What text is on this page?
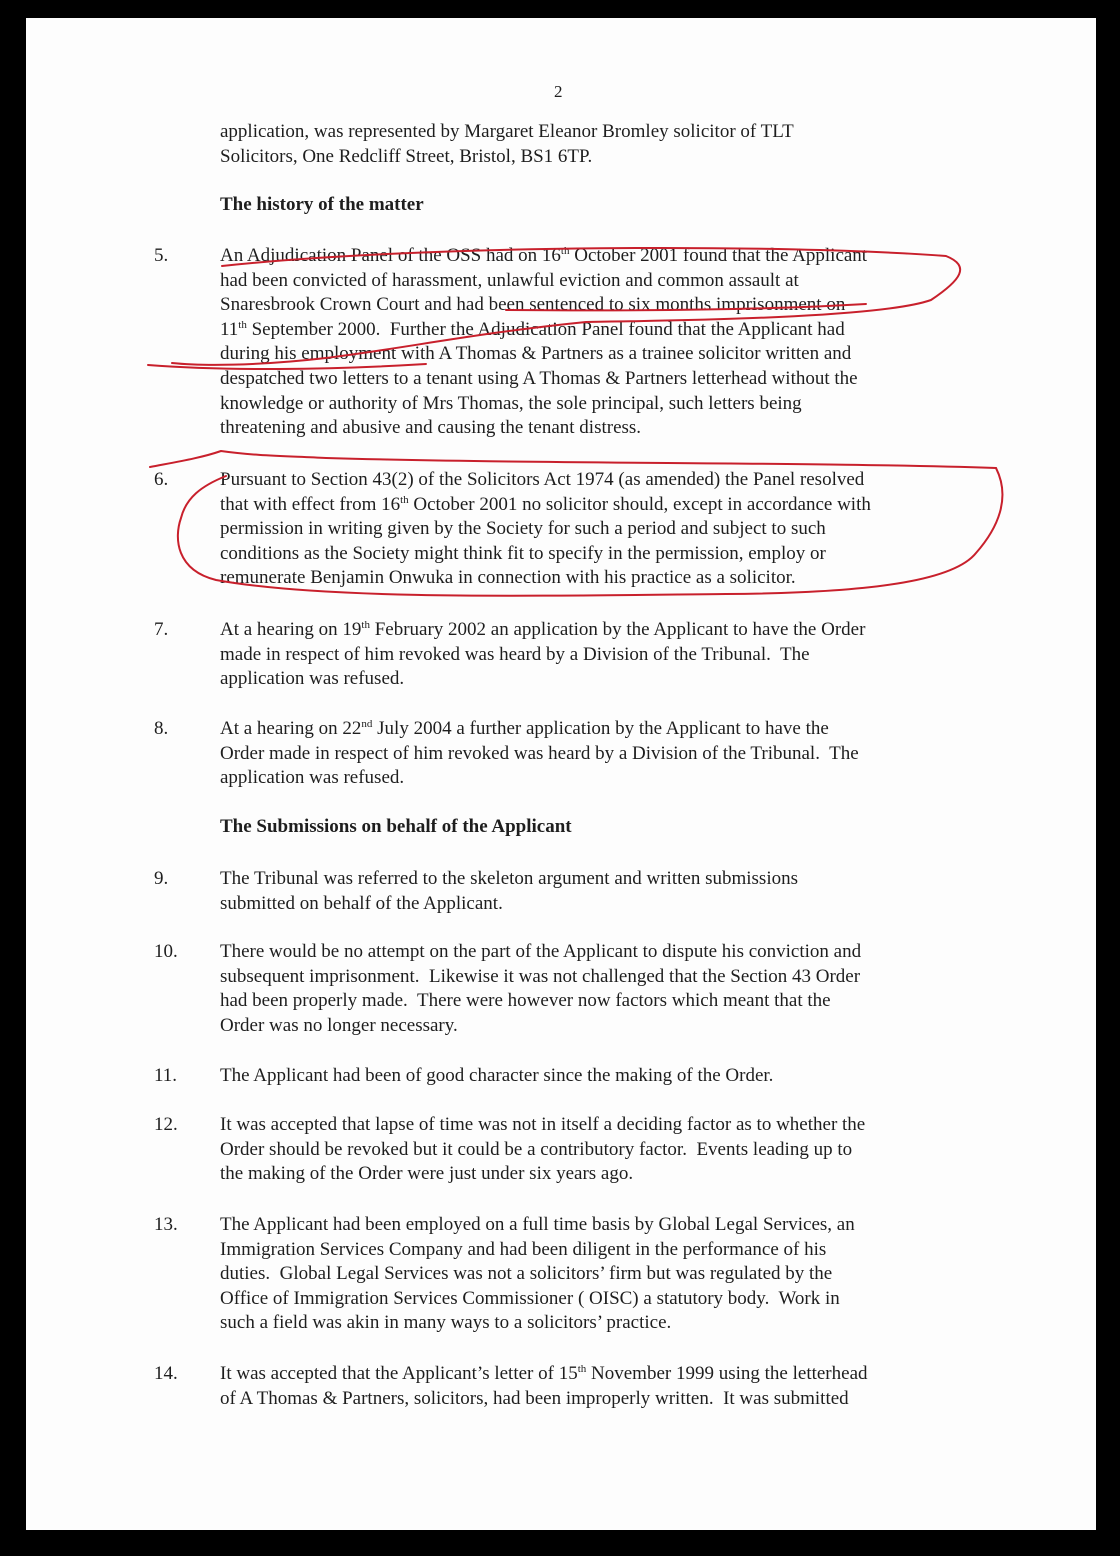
2
application, was represented by Margaret Eleanor Bromley solicitor of TLT
Solicitors, One Redcliff Street, Bristol, BS1 6TP.
The history of the matter
5.	An Adjudication Panel of the OSS had on 16th October 2001 found that the Applicant
had been convicted of harassment, unlawful eviction and common assault at
Snaresbrook Crown Court and had been sentenced to six months imprisonment on
11th September 2000.  Further the Adjudication Panel found that the Applicant had
during his employment with A Thomas & Partners as a trainee solicitor written and
despatched two letters to a tenant using A Thomas & Partners letterhead without the
knowledge or authority of Mrs Thomas, the sole principal, such letters being
threatening and abusive and causing the tenant distress.
6.	Pursuant to Section 43(2) of the Solicitors Act 1974 (as amended) the Panel resolved
that with effect from 16th October 2001 no solicitor should, except in accordance with
permission in writing given by the Society for such a period and subject to such
conditions as the Society might think fit to specify in the permission, employ or
remunerate Benjamin Onwuka in connection with his practice as a solicitor.
7.	At a hearing on 19th February 2002 an application by the Applicant to have the Order
made in respect of him revoked was heard by a Division of the Tribunal.  The
application was refused.
8.	At a hearing on 22nd July 2004 a further application by the Applicant to have the
Order made in respect of him revoked was heard by a Division of the Tribunal.  The
application was refused.
The Submissions on behalf of the Applicant
9.	The Tribunal was referred to the skeleton argument and written submissions
submitted on behalf of the Applicant.
10. There would be no attempt on the part of the Applicant to dispute his conviction and
subsequent imprisonment.  Likewise it was not challenged that the Section 43 Order
had been properly made.  There were however now factors which meant that the
Order was no longer necessary.
11. The Applicant had been of good character since the making of the Order.
12. It was accepted that lapse of time was not in itself a deciding factor as to whether the
Order should be revoked but it could be a contributory factor.  Events leading up to
the making of the Order were just under six years ago.
13. The Applicant had been employed on a full time basis by Global Legal Services, an
Immigration Services Company and had been diligent in the performance of his
duties.  Global Legal Services was not a solicitors’ firm but was regulated by the
Office of Immigration Services Commissioner ( OISC) a statutory body.  Work in
such a field was akin in many ways to a solicitors’ practice.
14. It was accepted that the Applicant’s letter of 15th November 1999 using the letterhead
of A Thomas & Partners, solicitors, had been improperly written.  It was submitted
